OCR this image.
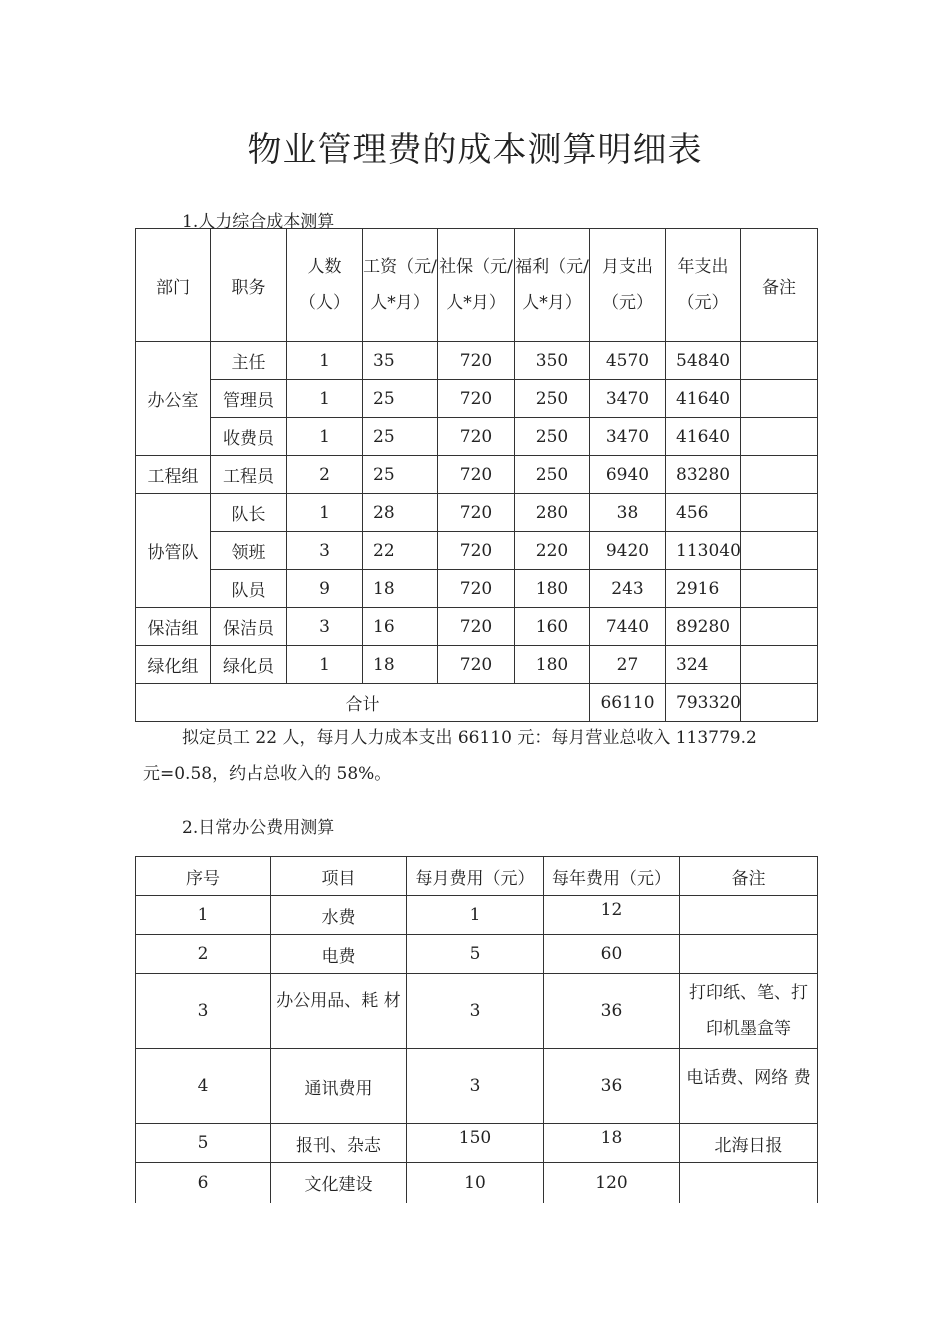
物业管理费的成本测算明细表
1.人力综合成本测算
部门	职务	人数（人）	工资（元/人*月）	社保（元/人*月）	福利（元/人*月）	月支出（元）	年支出（元）	备注
办公室	主任	1	35	720	350	4570	54840	
	管理员	1	25	720	250	3470	41640	
	收费员	1	25	720	250	3470	41640	
工程组	工程员	2	25	720	250	6940	83280	
协管队	队长	1	28	720	280	38	456	
	领班	3	22	720	220	9420	113040	
	队员	9	18	720	180	243	2916	
保洁组	保洁员	3	16	720	160	7440	89280	
绿化组	绿化员	1	18	720	180	27	324	
合计						66110	793320	
拟定员工 22 人，每月人力成本支出 66110 元：每月营业总收入 113779.2
元=0.58，约占总收入的 58%。
2.日常办公费用测算
序号	项目	每月费用（元）	每年费用（元）	备注
1	水费	1	12	
2	电费	5	60	
3	办公用品、耗 材	3	36	打印纸、笔、打印机墨盒等
4	通讯费用	3	36	电话费、网络 费
5	报刊、杂志	150	18	北海日报
6	文化建设	10	120	
